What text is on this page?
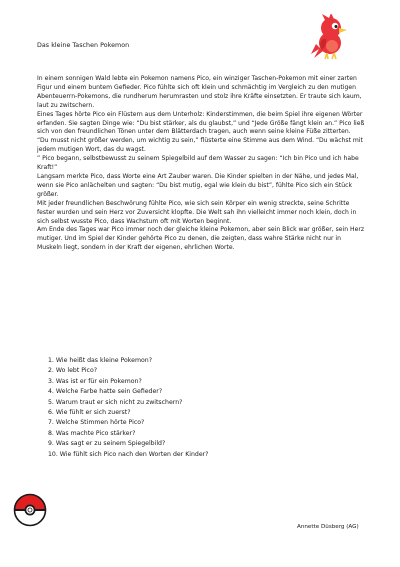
Das kleine Taschen Pokemon

In einem sonnigen Wald lebte ein Pokemon namens Pico, ein winziger Taschen-Pokemon mit einer zarten Figur und einem buntem Gefieder. Pico fühlte sich oft klein und schmächtig im Vergleich zu den mutigen Abenteuerrn-Pokemons, die rundherum herumrasten und stolz ihre Kräfte einsetzten. Er traute sich kaum, laut zu zwitschern.

Eines Tages hörte Pico ein Flüstern aus dem Unterholz: Kinderstimmen, die beim Spiel ihre eigenen Wörter erfanden. Sie sagten Dinge wie: “Du bist stärker, als du glaubst,” und “Jede Größe fängt klein an.” Pico ließ sich von den freundlichen Tönen unter dem Blätterdach tragen, auch wenn seine kleine Füße zitterten.

“Du musst nicht größer werden, um wichtig zu sein,” flüsterte eine Stimme aus dem Wind. “Du wächst mit jedem mutigen Wort, das du wagst.

” Pico begann, selbstbewusst zu seinem Spiegelbild auf dem Wasser zu sagen: “Ich bin Pico und ich habe Kraft!”

Langsam merkte Pico, dass Worte eine Art Zauber waren. Die Kinder spielten in der Nähe, und jedes Mal, wenn sie Pico anlächelten und sagten: “Du bist mutig, egal wie klein du bist”, fühlte Pico sich ein Stück größer.

Mit jeder freundlichen Beschwörung fühlte Pico, wie sich sein Körper ein wenig streckte, seine Schritte fester wurden und sein Herz vor Zuversicht klopfte. Die Welt sah ihn vielleicht immer noch klein, doch in sich selbst wusste Pico, dass Wachstum oft mit Worten beginnt.

Am Ende des Tages war Pico immer noch der gleiche kleine Pokemon, aber sein Blick war größer, sein Herz mutiger. Und im Spiel der Kinder gehörte Pico zu denen, die zeigten, dass wahre Stärke nicht nur in Muskeln liegt, sondern in der Kraft der eigenen, ehrlichen Worte.

1. Wie heißt das kleine Pokemon?
2. Wo lebt Pico?
3. Was ist er für ein Pokemon?
4. Welche Farbe hatte sein Gefieder?
5. Warum traut er sich nicht zu zwitschern?
6. Wie fühlt er sich zuerst?
7. Welche Stimmen hörte Pico?
8. Was machte Pico stärker?
9. Was sagt er zu seinem Spiegelbild?
10. Wie fühlt sich Pico nach den Worten der Kinder?
Annette Düsberg (AG)
